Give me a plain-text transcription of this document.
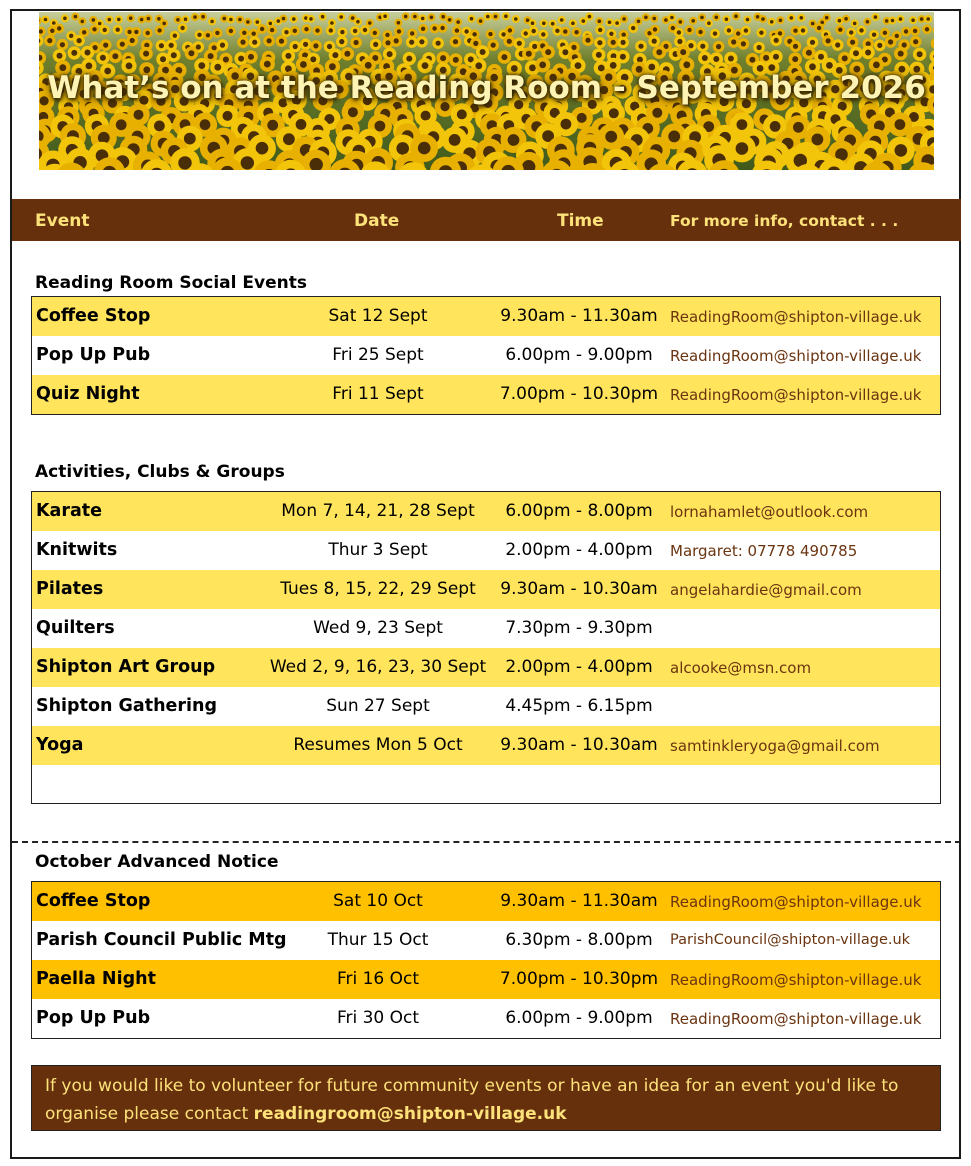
What’s on at the Reading Room - September 2026
Event	Date	Time	For more info, contact . . .
Reading Room Social Events
Coffee Stop	Sat 12 Sept	9.30am - 11.30am ReadingRoom@shipton-village.uk
Pop Up Pub	Fri 25 Sept	6.00pm - 9.00pm	ReadingRoom@shipton-village.uk
Quiz Night	Fri 11 Sept	7.00pm - 10.30pm ReadingRoom@shipton-village.uk
Activities, Clubs & Groups
Karate	Mon 7, 14, 21, 28 Sept	6.00pm - 8.00pm	lornahamlet@outlook.com
Knitwits	Thur 3 Sept	2.00pm - 4.00pm	Margaret: 07778 490785
Pilates	Tues 8, 15, 22, 29 Sept	9.30am - 10.30am angelahardie@gmail.com
Quilters	Wed 9, 23 Sept	7.30pm - 9.30pm
Shipton Art Group	Wed 2, 9, 16, 23, 30 Sept	2.00pm - 4.00pm	alcooke@msn.com
Shipton Gathering	Sun 27 Sept	4.45pm - 6.15pm
Yoga	Resumes Mon 5 Oct	9.30am - 10.30am samtinkleryoga@gmail.com
October Advanced Notice
Coffee Stop	Sat 10 Oct	9.30am - 11.30am ReadingRoom@shipton-village.uk
Parish Council Public Mtg	Thur 15 Oct	6.30pm - 8.00pm	ParishCouncil@shipton-village.uk
Paella Night	Fri 16 Oct	7.00pm - 10.30pm ReadingRoom@shipton-village.uk
Pop Up Pub	Fri 30 Oct	6.00pm - 9.00pm	ReadingRoom@shipton-village.uk
If you would like to volunteer for future community events or have an idea for an event you'd like to organise please contact readingroom@shipton-village.uk
